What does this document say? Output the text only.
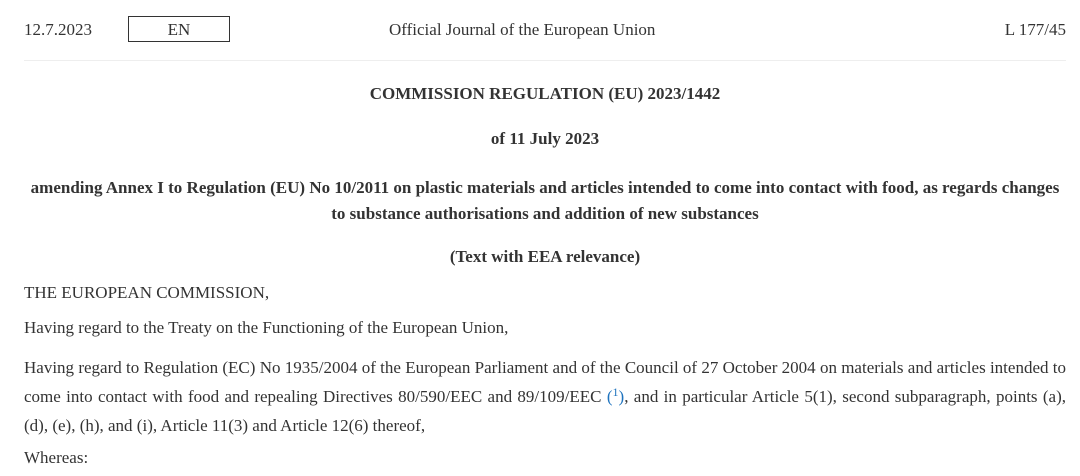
12.7.2023	EN	Official Journal of the European Union	L 177/45
COMMISSION REGULATION (EU) 2023/1442
of 11 July 2023
amending Annex I to Regulation (EU) No 10/2011 on plastic materials and articles intended to come into contact with food, as regards changes to substance authorisations and addition of new substances
(Text with EEA relevance)
THE EUROPEAN COMMISSION,
Having regard to the Treaty on the Functioning of the European Union,
Having regard to Regulation (EC) No 1935/2004 of the European Parliament and of the Council of 27 October 2004 on materials and articles intended to come into contact with food and repealing Directives 80/590/EEC and 89/109/EEC ($^1$), and in particular Article 5(1), second subparagraph, points (a), (d), (e), (h), and (i), Article 11(3) and Article 12(6) thereof,
Whereas:
